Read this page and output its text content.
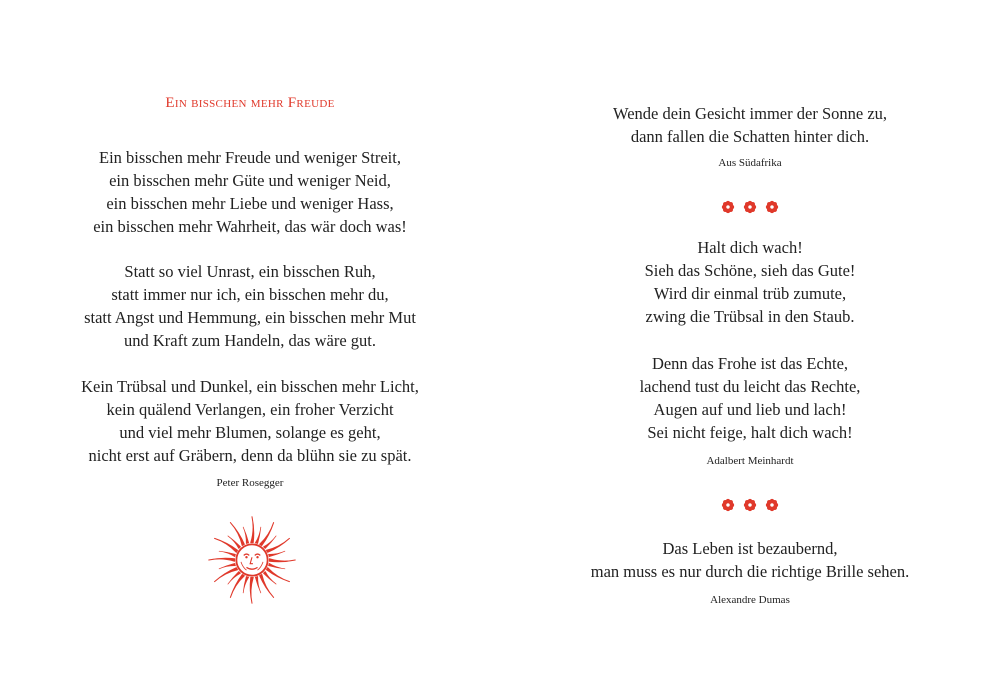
Ein bisschen mehr Freude
Ein bisschen mehr Freude und weniger Streit,
ein bisschen mehr Güte und weniger Neid,
ein bisschen mehr Liebe und weniger Hass,
ein bisschen mehr Wahrheit, das wär doch was!
Statt so viel Unrast, ein bisschen Ruh,
statt immer nur ich, ein bisschen mehr du,
statt Angst und Hemmung, ein bisschen mehr Mut
und Kraft zum Handeln, das wäre gut.
Kein Trübsal und Dunkel, ein bisschen mehr Licht,
kein quälend Verlangen, ein froher Verzicht
und viel mehr Blumen, solange es geht,
nicht erst auf Gräbern, denn da blühn sie zu spät.
Peter Rosegger
Wende dein Gesicht immer der Sonne zu,
dann fallen die Schatten hinter dich.
Aus Südafrika
Halt dich wach!
Sieh das Schöne, sieh das Gute!
Wird dir einmal trüb zumute,
zwing die Trübsal in den Staub.
Denn das Frohe ist das Echte,
lachend tust du leicht das Rechte,
Augen auf und lieb und lach!
Sei nicht feige, halt dich wach!
Adalbert Meinhardt
Das Leben ist bezaubernd,
man muss es nur durch die richtige Brille sehen.
Alexandre Dumas
